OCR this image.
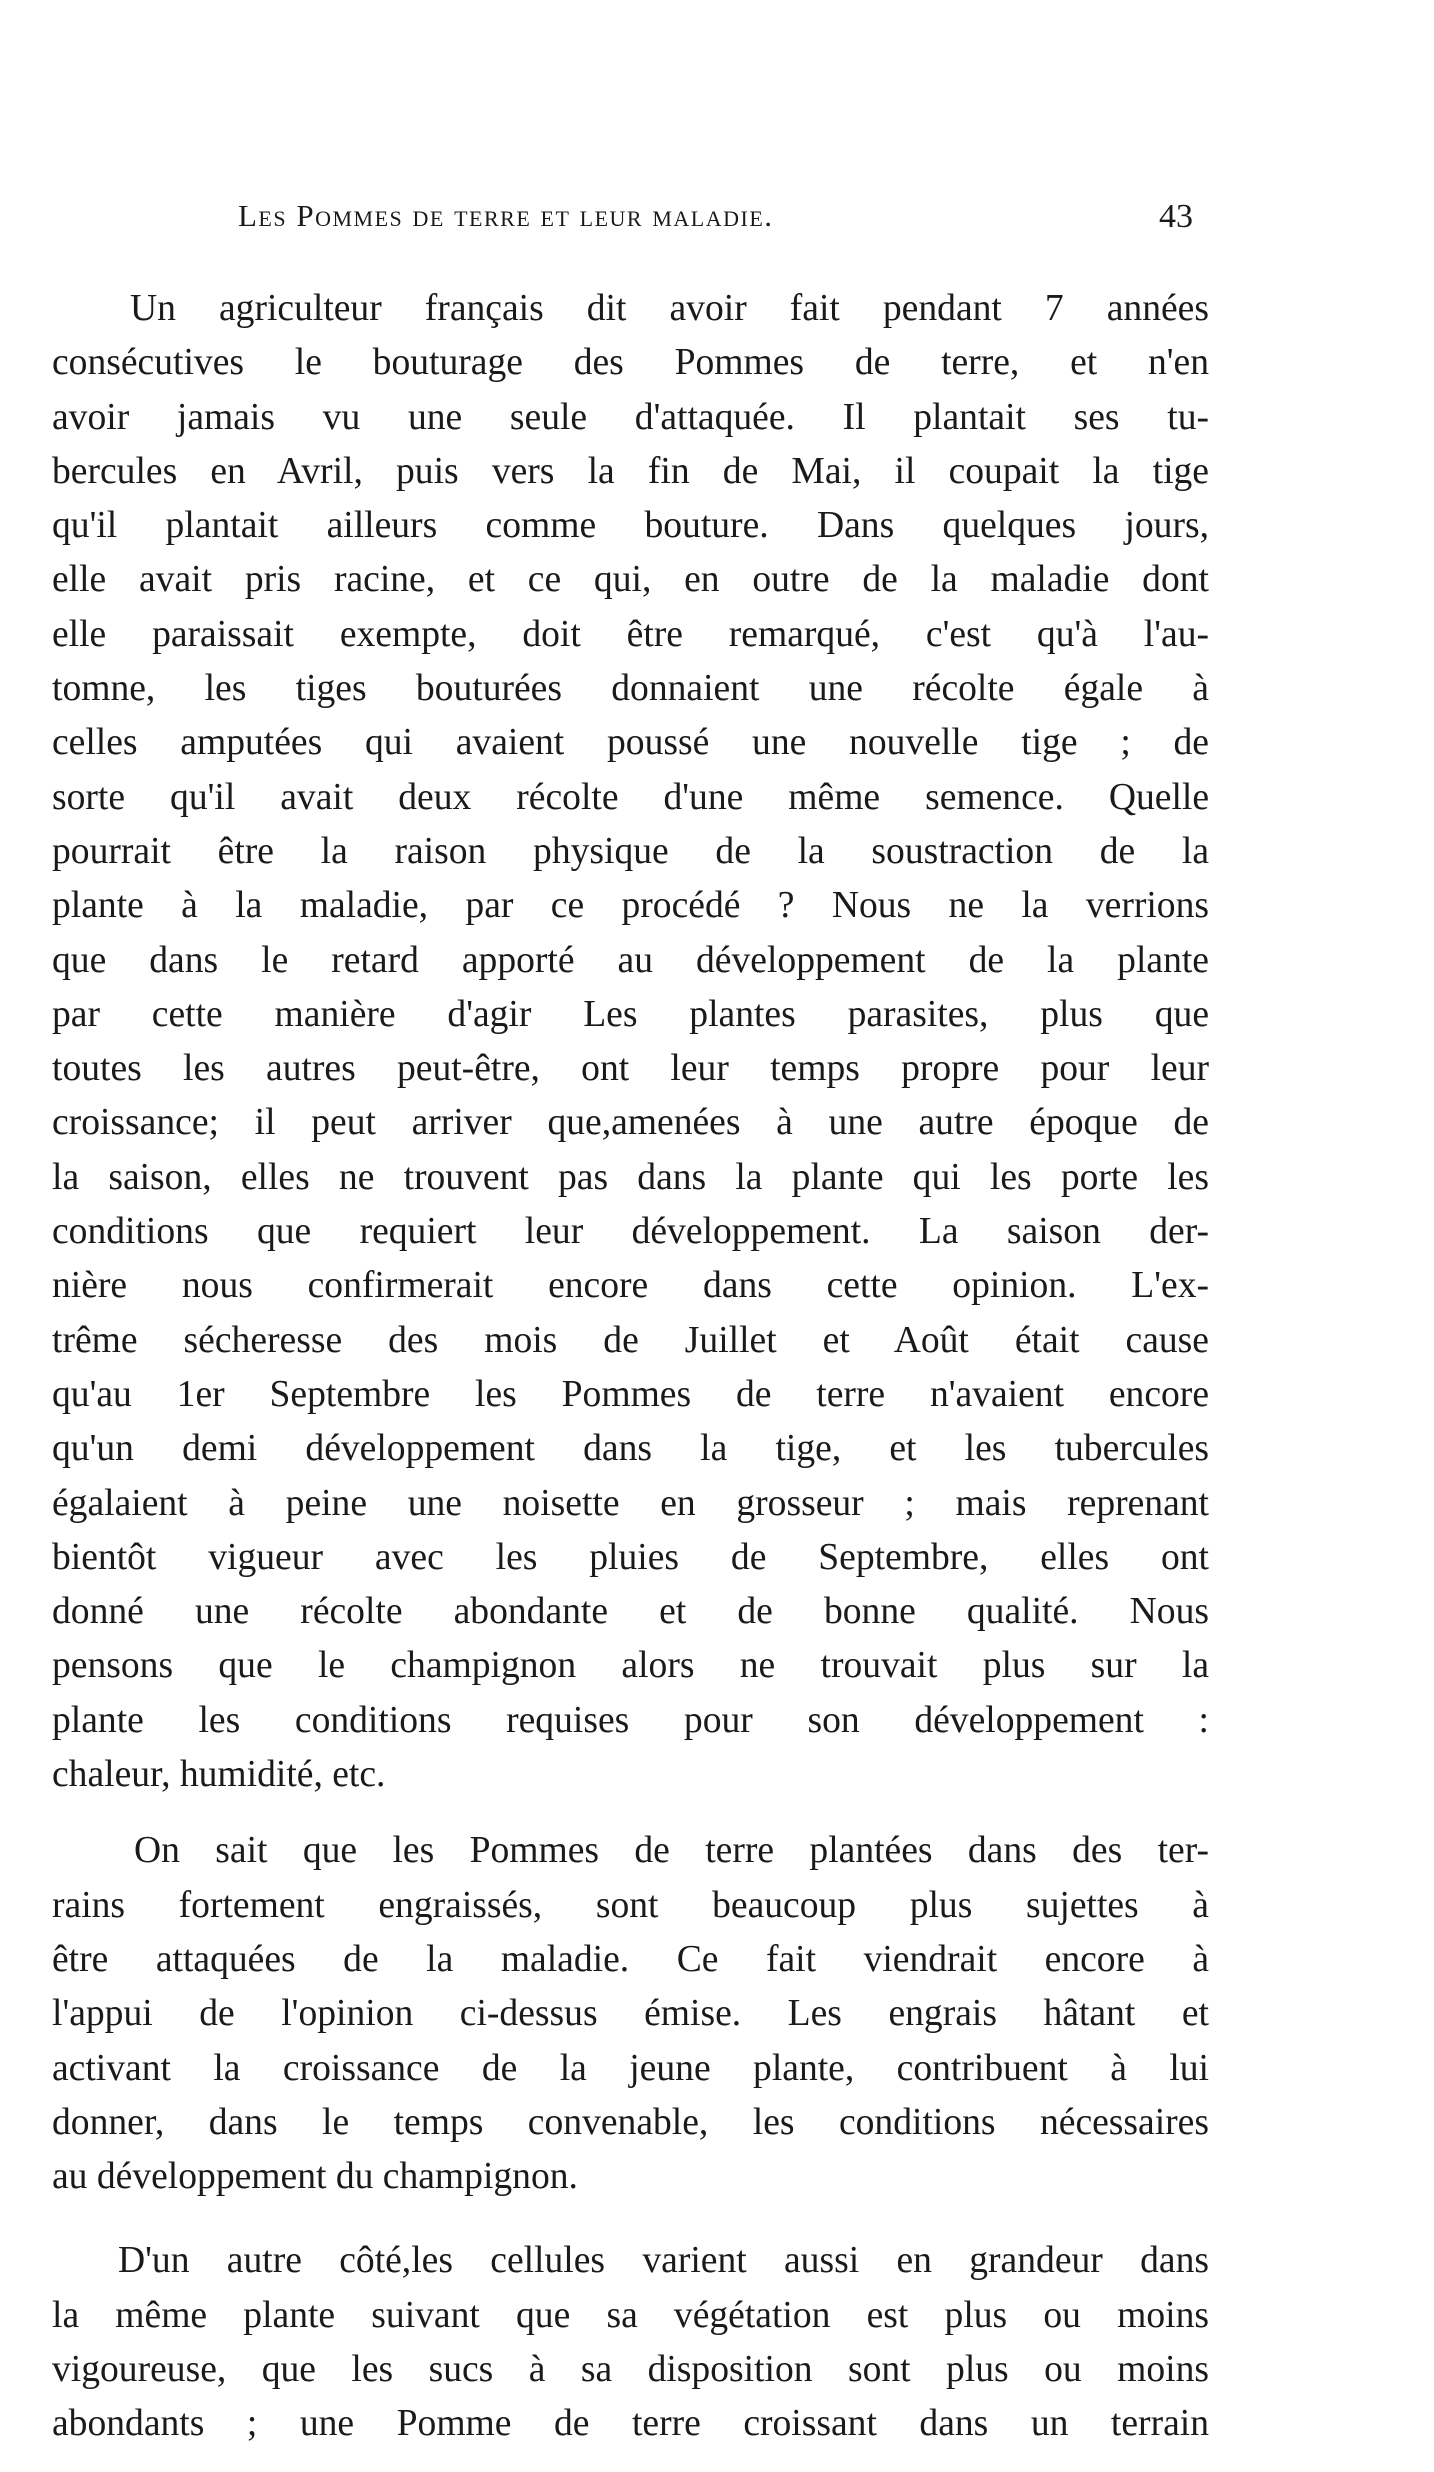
Les Pommes de terre et leur maladie.	43
Un agriculteur français dit avoir fait pendant 7 années
consécutives le bouturage des Pommes de terre, et n'en
avoir jamais vu une seule d'attaquée. Il plantait ses tu-
bercules en Avril, puis vers la fin de Mai, il coupait la tige
qu'il plantait ailleurs comme bouture. Dans quelques jours,
elle avait pris racine, et ce qui, en outre de la maladie dont
elle paraissait exempte, doit être remarqué, c'est qu'à l'au-
tomne, les tiges bouturées donnaient une récolte égale à
celles amputées qui avaient poussé une nouvelle tige ; de
sorte qu'il avait deux récolte d'une même semence. Quelle
pourrait être la raison physique de la soustraction de la
plante à la maladie, par ce procédé ? Nous ne la verrions
que dans le retard apporté au développement de la plante
par cette manière d'agir Les plantes parasites, plus que
toutes les autres peut-être, ont leur temps propre pour leur
croissance; il peut arriver que,amenées à une autre époque de
la saison, elles ne trouvent pas dans la plante qui les porte les
conditions que requiert leur développement. La saison der-
nière nous confirmerait encore dans cette opinion. L'ex-
trême sécheresse des mois de Juillet et Août était cause
qu'au 1er Septembre les Pommes de terre n'avaient encore
qu'un demi développement dans la tige, et les tubercules
égalaient à peine une noisette en grosseur ; mais reprenant
bientôt vigueur avec les pluies de Septembre, elles ont
donné une récolte abondante et de bonne qualité. Nous
pensons que le champignon alors ne trouvait plus sur la
plante les conditions requises pour son développement :
chaleur, humidité, etc.
On sait que les Pommes de terre plantées dans des ter-
rains fortement engraissés, sont beaucoup plus sujettes à
être attaquées de la maladie. Ce fait viendrait encore à
l'appui de l'opinion ci-dessus émise. Les engrais hâtant et
activant la croissance de la jeune plante, contribuent à lui
donner, dans le temps convenable, les conditions nécessaires
au développement du champignon.
D'un autre côté,les cellules varient aussi en grandeur dans
la même plante suivant que sa végétation est plus ou moins
vigoureuse, que les sucs à sa disposition sont plus ou moins
abondants ; une Pomme de terre croissant dans un terrain
